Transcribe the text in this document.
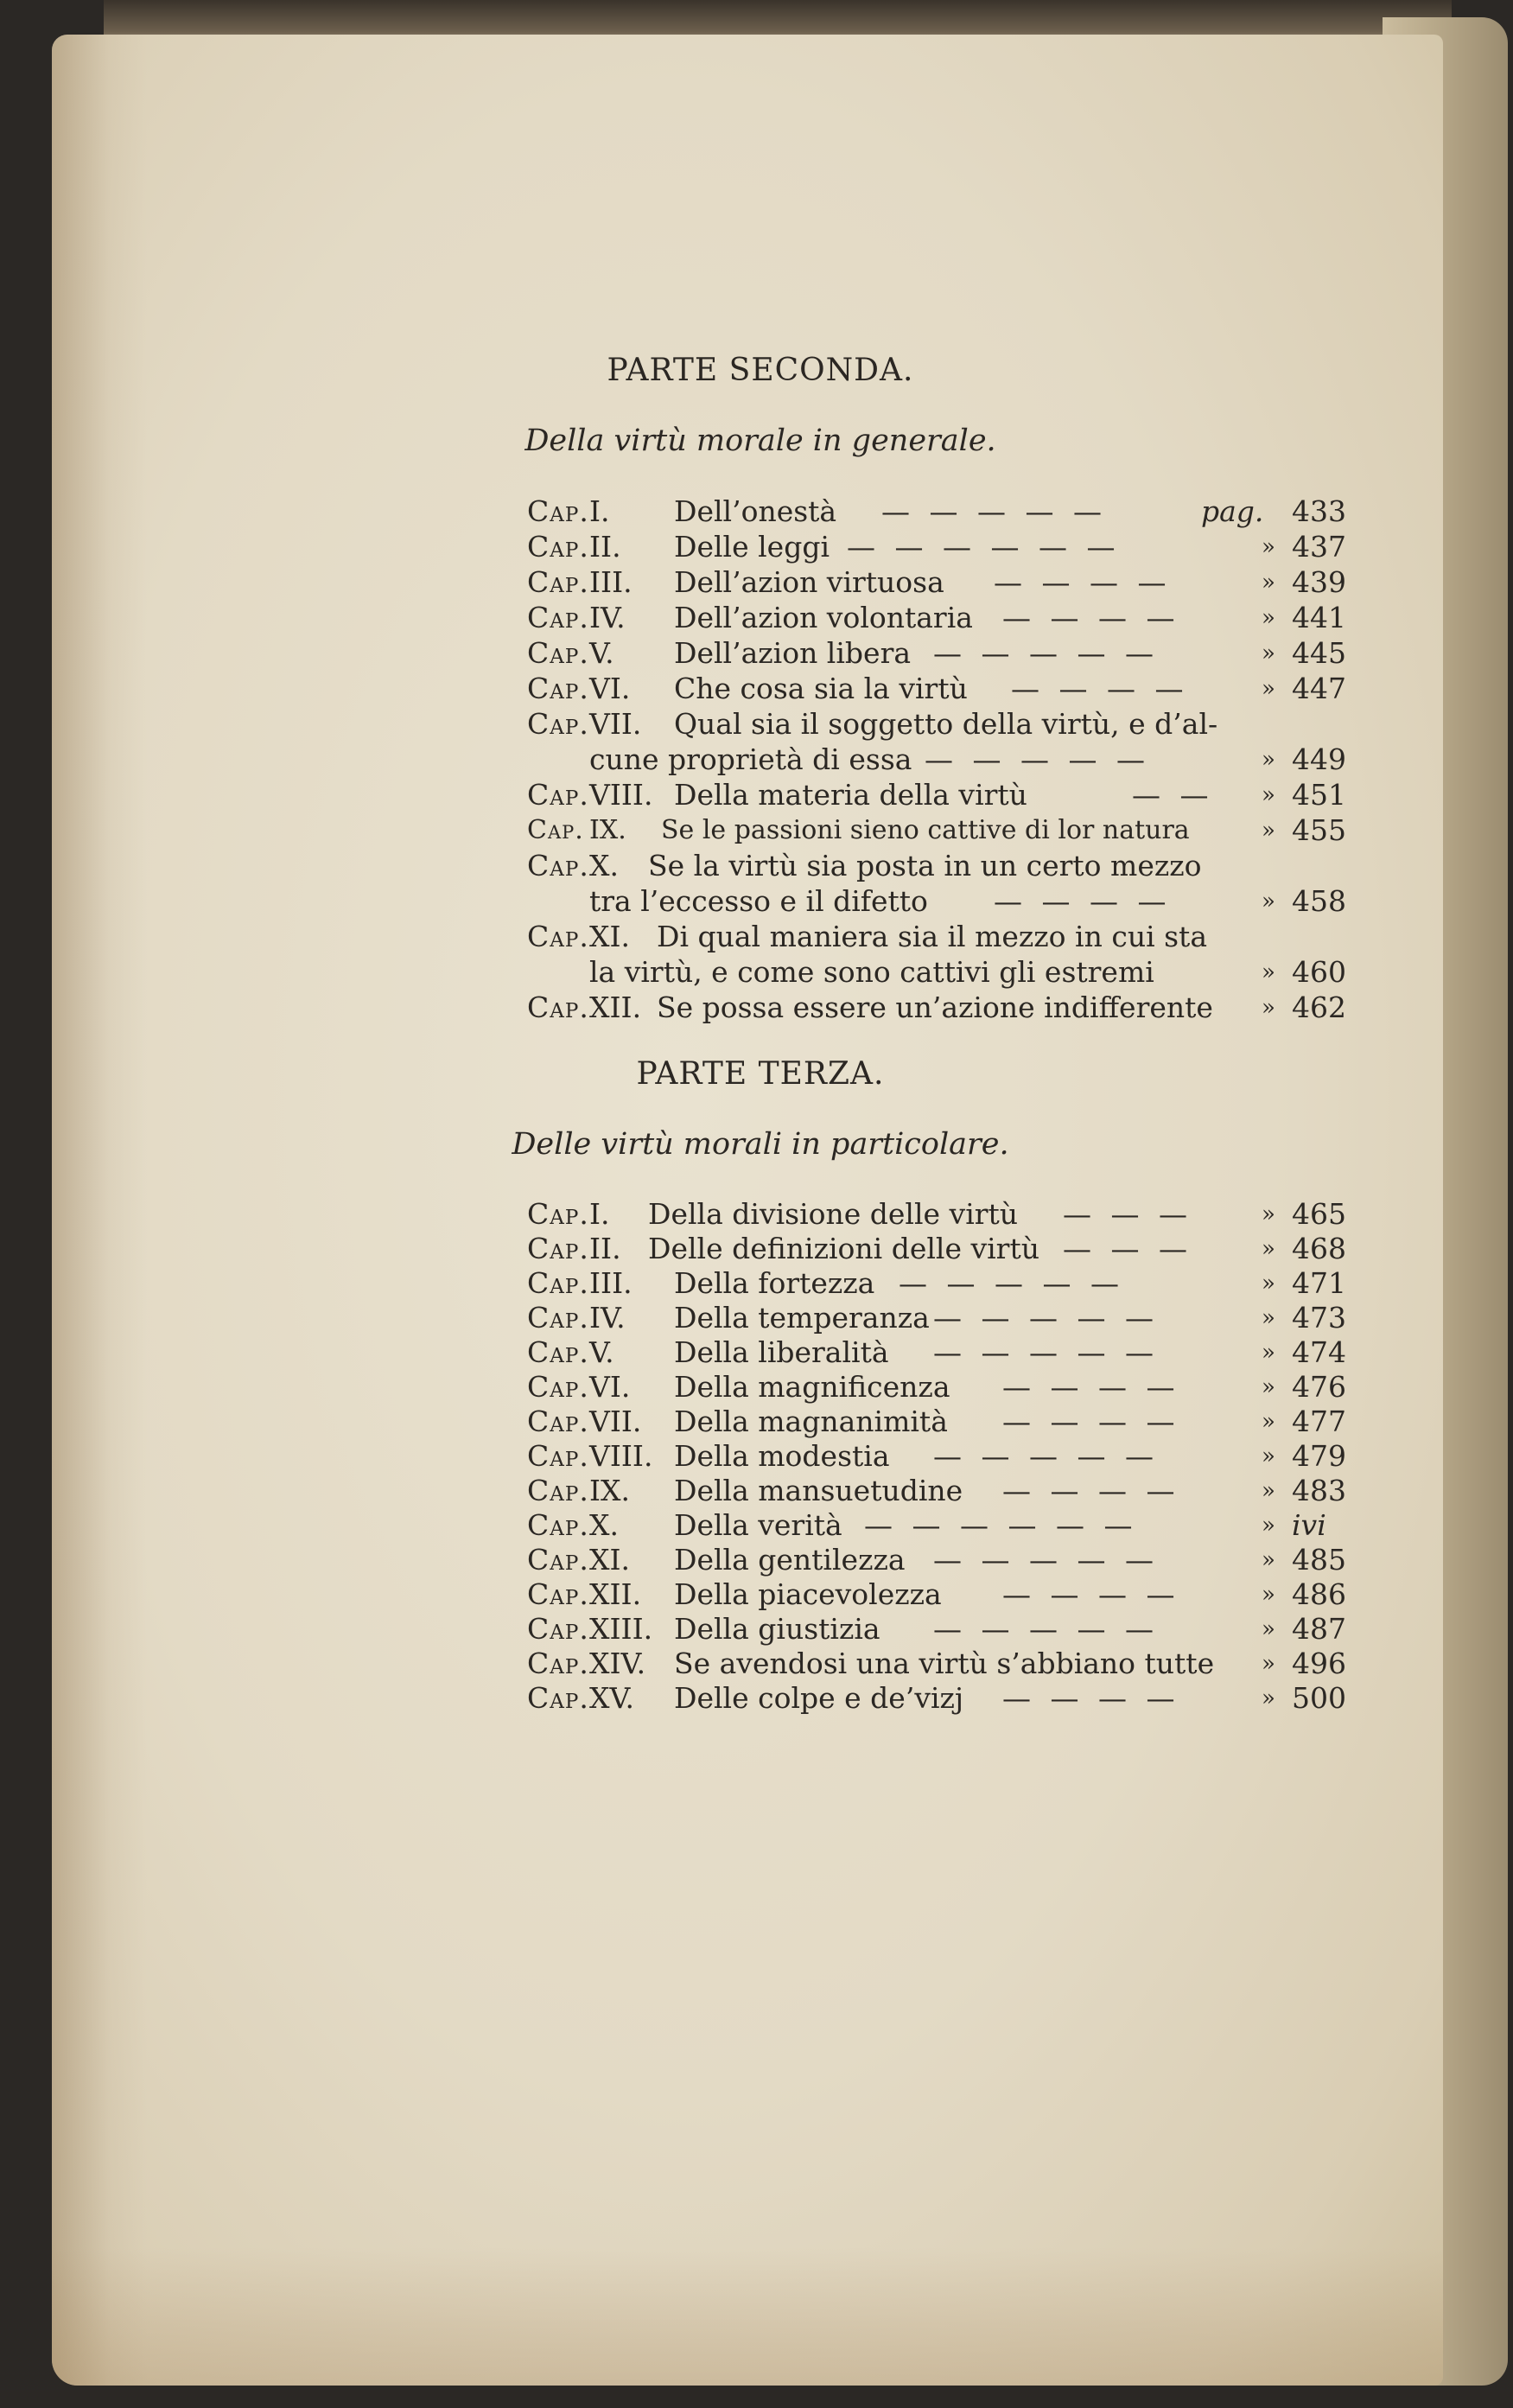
PARTE SECONDA.
Della virtù morale in generale.
Cap. I. Dell’onestà — — — — —	pag. 433
Cap. II. Delle leggi — — — — — —	» 437
Cap. III. Dell’azion virtuosa — — — —	» 439
Cap. IV. Dell’azion volontaria — — — —	» 441
Cap. V. Dell’azion libera — — — — —	» 445
Cap. VI. Che cosa sia la virtù — — — —	» 447
Cap. VII. Qual sia il soggetto della virtù, e d’al-
cune proprietà di essa — — — — —	» 449
Cap. VIII. Della materia della virtù	— — » 451
Cap. IX. Se le passioni sieno cattive di lor natura	» 455
Cap. X. Se la virtù sia posta in un certo mezzo
tra l’eccesso e il difetto — — — —	» 458
Cap. XI. Di qual maniera sia il mezzo in cui sta
la virtù, e come sono cattivi gli estremi	» 460
Cap. XII. Se possa essere un’azione indifferente » 462
PARTE TERZA.
Delle virtù morali in particolare.
Cap. I. Della divisione delle virtù — — —	» 465
Cap. II. Delle definizioni delle virtù — — —	» 468
Cap. III. Della fortezza — — — — —	» 471
Cap. IV. Della temperanza — — — — —	» 473
Cap. V. Della liberalità — — — — —	» 474
Cap. VI. Della magnificenza — — — —	» 476
Cap. VII. Della magnanimità — — — —	» 477
Cap. VIII. Della modestia — — — — —	» 479
Cap. IX. Della mansuetudine — — — —	» 483
Cap. X. Della verità — — — — — —	» ivi
Cap. XI. Della gentilezza — — — — —	» 485
Cap. XII. Della piacevolezza — — — —	» 486
Cap. XIII. Della giustizia — — — — —	» 487
Cap. XIV. Se avendosi una virtù s’abbiano tutte » 496
Cap. XV. Delle colpe e de’vizj — — — —	» 500
